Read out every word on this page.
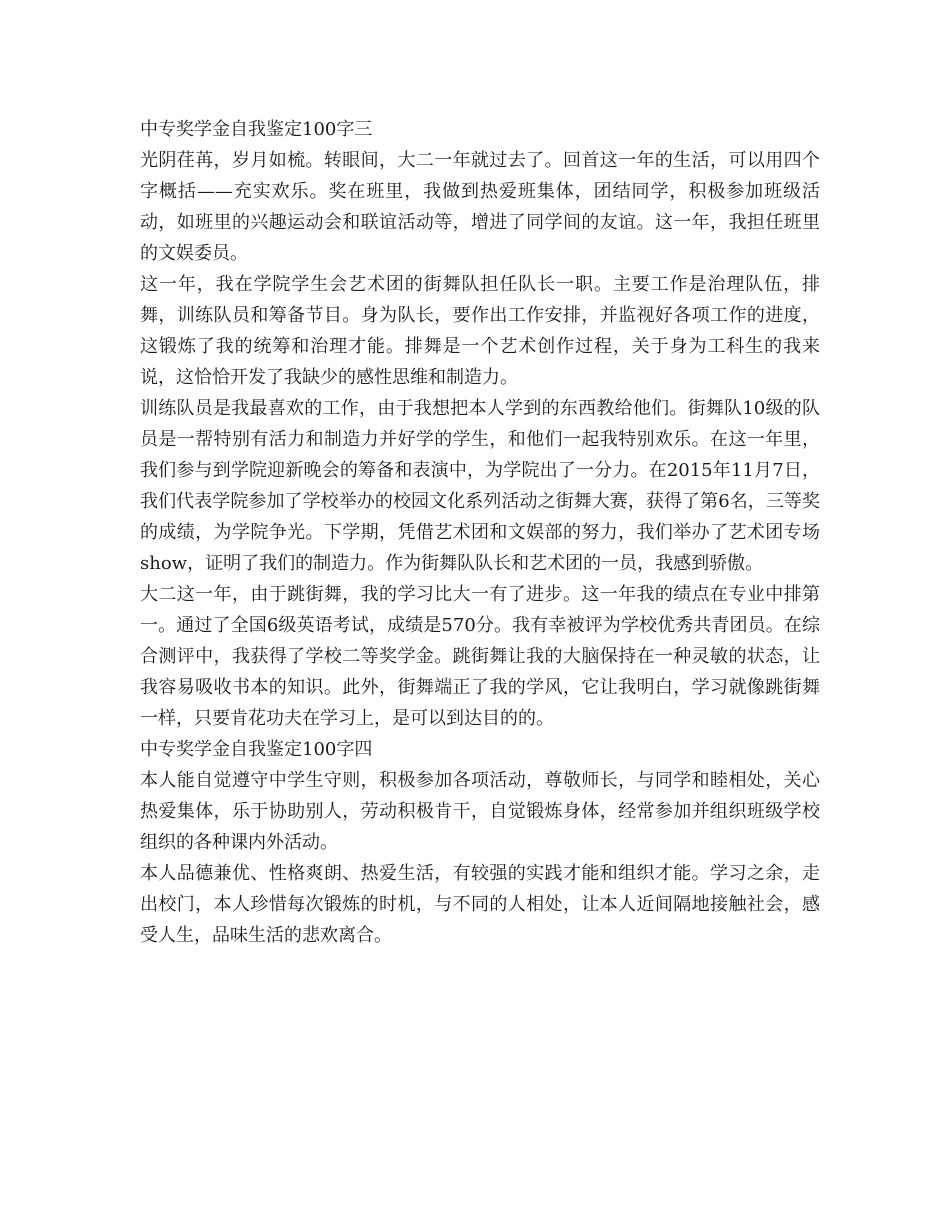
中专奖学金自我鉴定100字三

光阴荏苒，岁月如梳。转眼间，大二一年就过去了。回首这一年的生活，可以用四个字概括——充实欢乐。奖在班里，我做到热爱班集体，团结同学，积极参加班级活动，如班里的兴趣运动会和联谊活动等，增进了同学间的友谊。这一年，我担任班里的文娱委员。

这一年，我在学院学生会艺术团的街舞队担任队长一职。主要工作是治理队伍，排舞，训练队员和筹备节目。身为队长，要作出工作安排，并监视好各项工作的进度，这锻炼了我的统筹和治理才能。排舞是一个艺术创作过程，关于身为工科生的我来说，这恰恰开发了我缺少的感性思维和制造力。

训练队员是我最喜欢的工作，由于我想把本人学到的东西教给他们。街舞队10级的队员是一帮特别有活力和制造力并好学的学生，和他们一起我特别欢乐。在这一年里，我们参与到学院迎新晚会的筹备和表演中，为学院出了一分力。在2015年11月7日，我们代表学院参加了学校举办的校园文化系列活动之街舞大赛，获得了第6名，三等奖的成绩，为学院争光。下学期，凭借艺术团和文娱部的努力，我们举办了艺术团专场show，证明了我们的制造力。作为街舞队队长和艺术团的一员，我感到骄傲。

大二这一年，由于跳街舞，我的学习比大一有了进步。这一年我的绩点在专业中排第一。通过了全国6级英语考试，成绩是570分。我有幸被评为学校优秀共青团员。在综合测评中，我获得了学校二等奖学金。跳街舞让我的大脑保持在一种灵敏的状态，让我容易吸收书本的知识。此外，街舞端正了我的学风，它让我明白，学习就像跳街舞一样，只要肯花功夫在学习上，是可以到达目的的。

中专奖学金自我鉴定100字四

本人能自觉遵守中学生守则，积极参加各项活动，尊敬师长，与同学和睦相处，关心热爱集体，乐于协助别人，劳动积极肯干，自觉锻炼身体，经常参加并组织班级学校组织的各种课内外活动。

本人品德兼优、性格爽朗、热爱生活，有较强的实践才能和组织才能。学习之余，走出校门，本人珍惜每次锻炼的时机，与不同的人相处，让本人近间隔地接触社会，感受人生，品味生活的悲欢离合。
